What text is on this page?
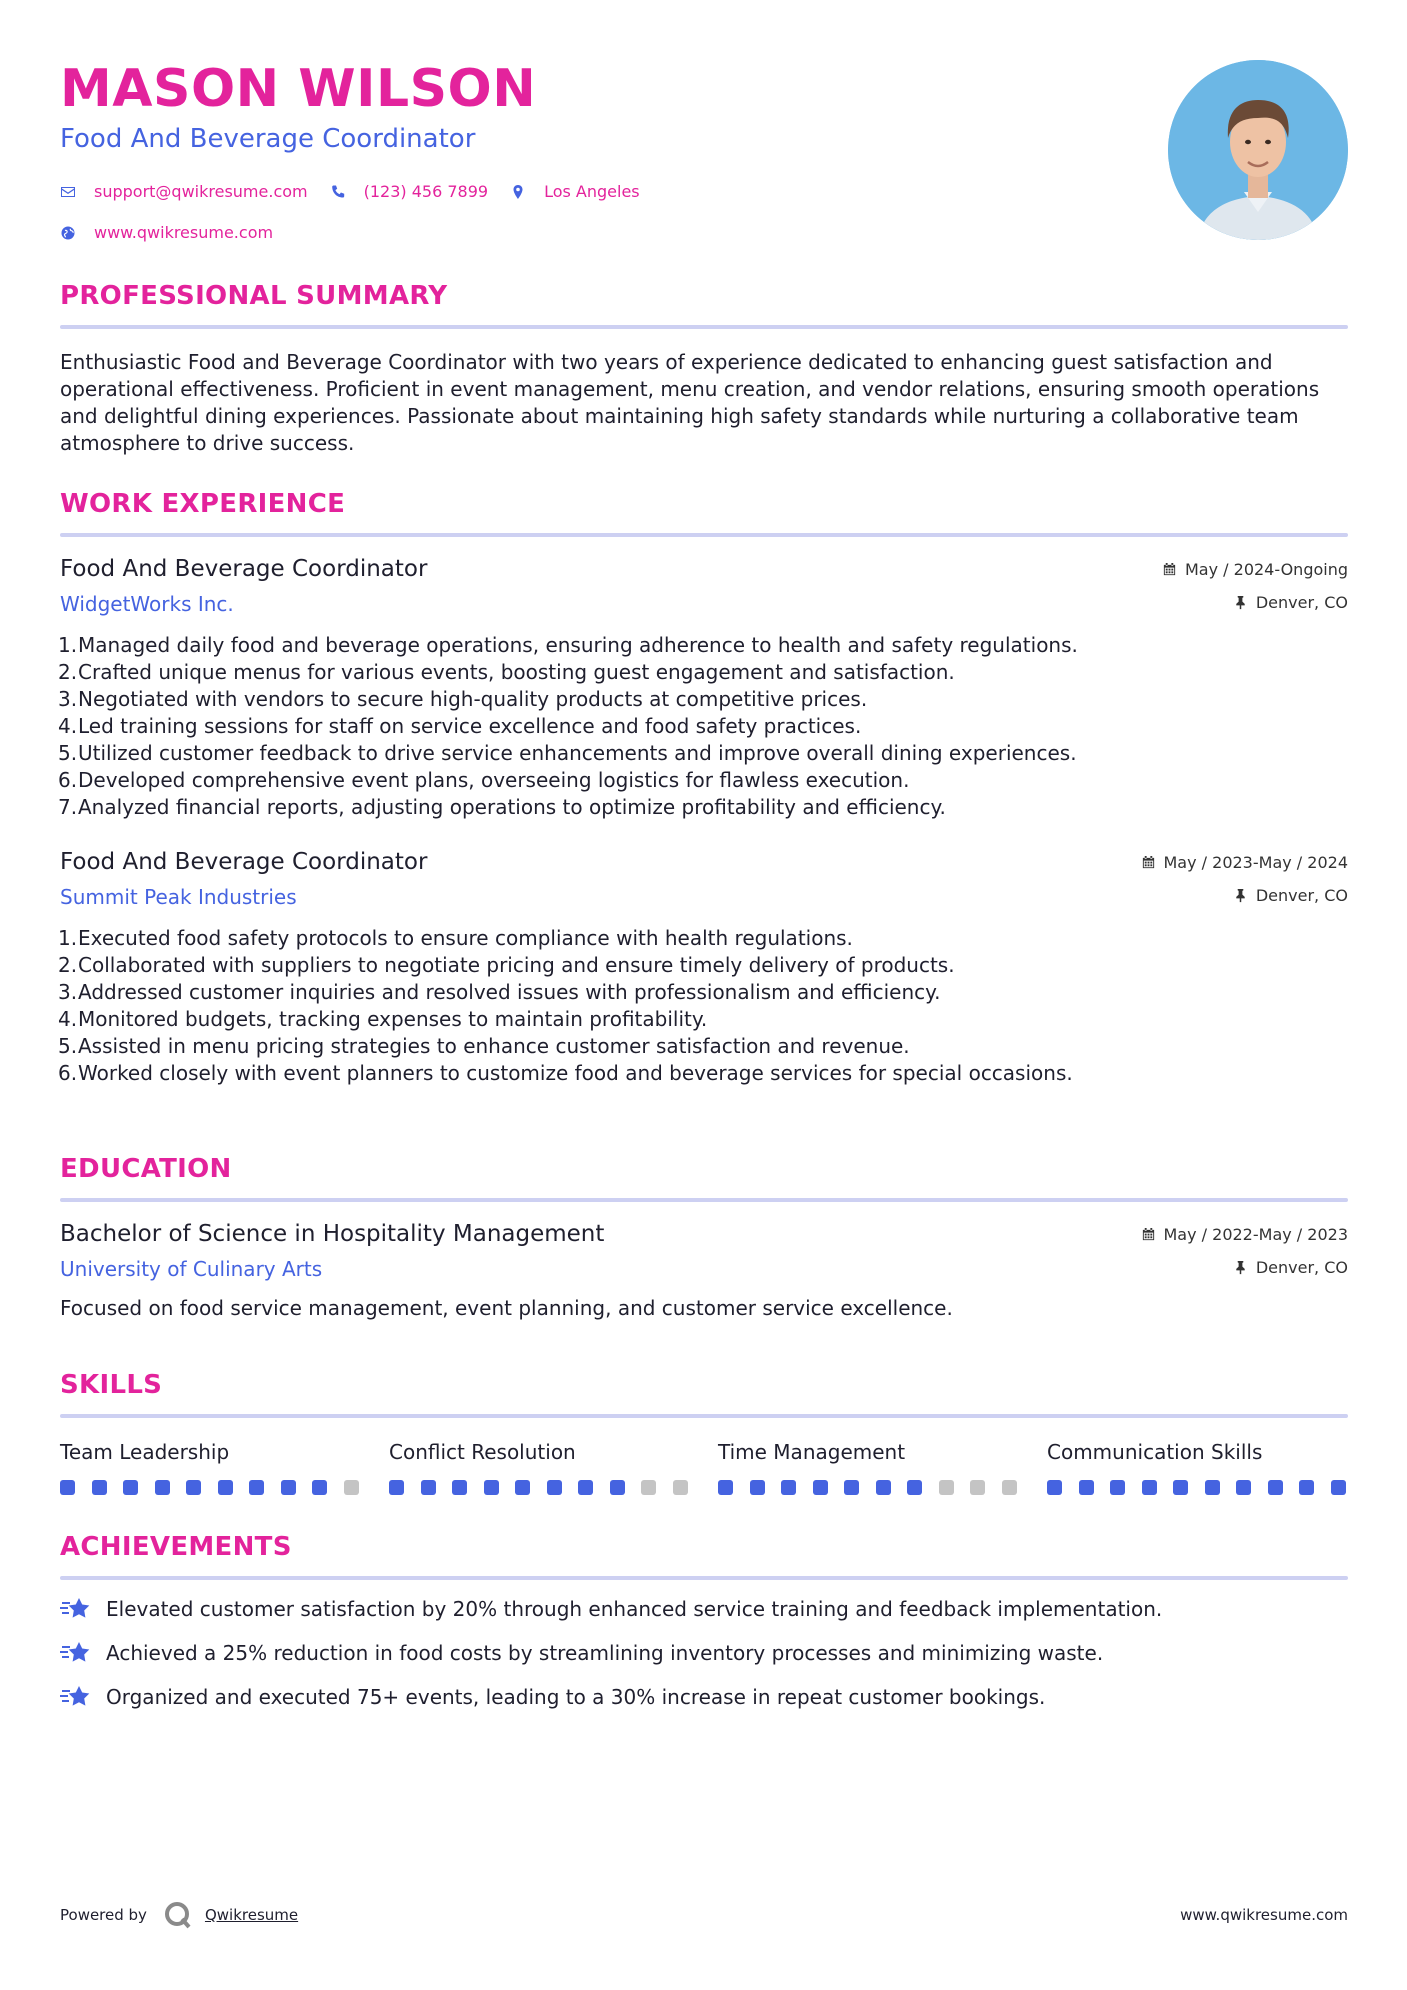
MASON WILSON
Food And Beverage Coordinator
support@qwikresume.com	(123) 456 7899	Los Angeles
www.qwikresume.com
PROFESSIONAL SUMMARY
Enthusiastic Food and Beverage Coordinator with two years of experience dedicated to enhancing guest satisfaction and operational effectiveness. Proficient in event management, menu creation, and vendor relations, ensuring smooth operations and delightful dining experiences. Passionate about maintaining high safety standards while nurturing a collaborative team atmosphere to drive success.
WORK EXPERIENCE
Food And Beverage Coordinator
WidgetWorks Inc.
May / 2024-Ongoing
Denver, CO
Managed daily food and beverage operations, ensuring adherence to health and safety regulations.
Crafted unique menus for various events, boosting guest engagement and satisfaction.
Negotiated with vendors to secure high-quality products at competitive prices.
Led training sessions for staff on service excellence and food safety practices.
Utilized customer feedback to drive service enhancements and improve overall dining experiences.
Developed comprehensive event plans, overseeing logistics for flawless execution.
Analyzed financial reports, adjusting operations to optimize profitability and efficiency.
Food And Beverage Coordinator
Summit Peak Industries
May / 2023-May / 2024
Denver, CO
Executed food safety protocols to ensure compliance with health regulations.
Collaborated with suppliers to negotiate pricing and ensure timely delivery of products.
Addressed customer inquiries and resolved issues with professionalism and efficiency.
Monitored budgets, tracking expenses to maintain profitability.
Assisted in menu pricing strategies to enhance customer satisfaction and revenue.
Worked closely with event planners to customize food and beverage services for special occasions.
EDUCATION
Bachelor of Science in Hospitality Management
University of Culinary Arts
May / 2022-May / 2023
Denver, CO
Focused on food service management, event planning, and customer service excellence.
SKILLS
Team Leadership	Conflict Resolution	Time Management	Communication Skills
ACHIEVEMENTS
Elevated customer satisfaction by 20% through enhanced service training and feedback implementation.
Achieved a 25% reduction in food costs by streamlining inventory processes and minimizing waste.
Organized and executed 75+ events, leading to a 30% increase in repeat customer bookings.
Powered by	Qwikresume	www.qwikresume.com
